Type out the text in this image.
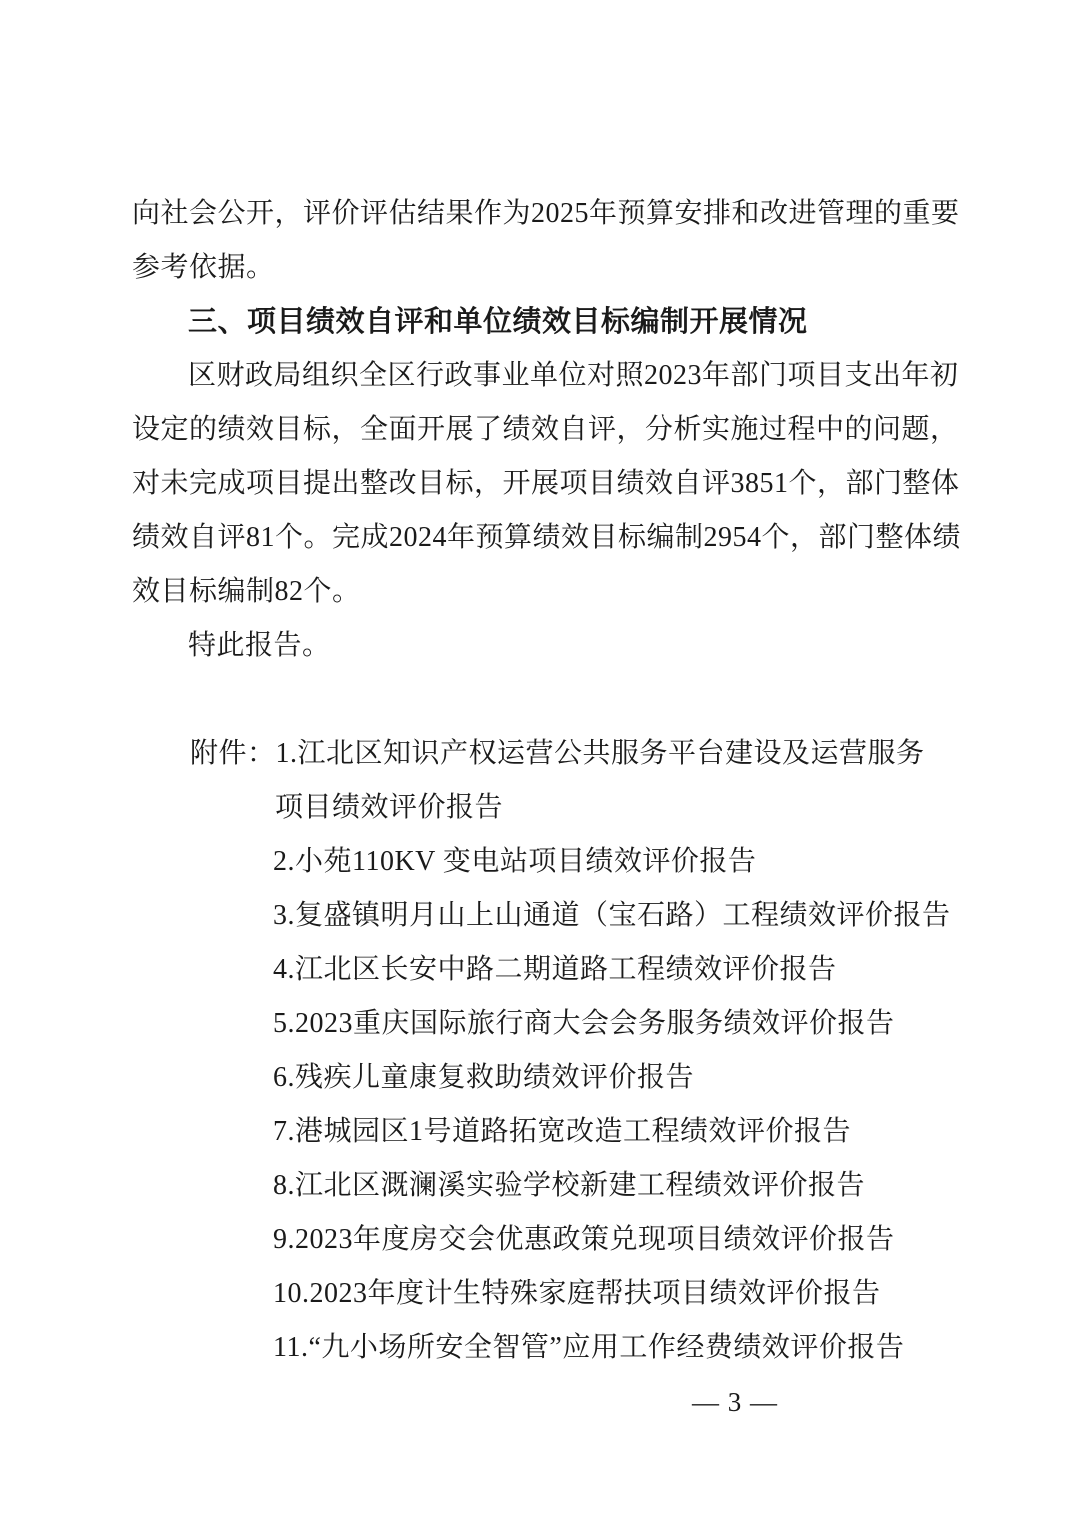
向社会公开，评价评估结果作为2025年预算安排和改进管理的重要
参考依据。
三、项目绩效自评和单位绩效目标编制开展情况
区财政局组织全区行政事业单位对照2023年部门项目支出年初
设定的绩效目标，全面开展了绩效自评，分析实施过程中的问题，
对未完成项目提出整改目标，开展项目绩效自评3851个，部门整体
绩效自评81个。完成2024年预算绩效目标编制2954个，部门整体绩
效目标编制82个。
特此报告。
附件：1.江北区知识产权运营公共服务平台建设及运营服务
项目绩效评价报告
2.小苑110KV 变电站项目绩效评价报告
3.复盛镇明月山上山通道（宝石路）工程绩效评价报告
4.江北区长安中路二期道路工程绩效评价报告
5.2023重庆国际旅行商大会会务服务绩效评价报告
6.残疾儿童康复救助绩效评价报告
7.港城园区1号道路拓宽改造工程绩效评价报告
8.江北区溉澜溪实验学校新建工程绩效评价报告
9.2023年度房交会优惠政策兑现项目绩效评价报告
10.2023年度计生特殊家庭帮扶项目绩效评价报告
11.“九小场所安全智管”应用工作经费绩效评价报告
— 3 —
